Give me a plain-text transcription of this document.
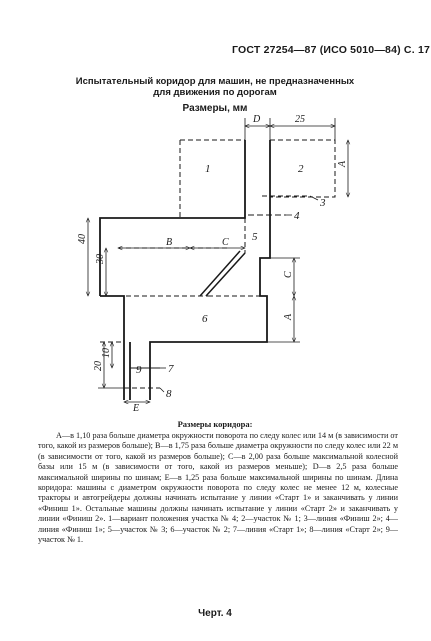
ГОСТ 27254—87 (ИСО 5010—84) С. 17
Испытательный коридор для машин, не предназначенных
для движения по дорогам
Размеры, мм
D	25
A
C
A
C
B
40
30
10
20
E
1	2
5
6
9
3
4
7
8
Размеры коридора:
A—в 1,10 раза больше диаметра окружности поворота по следу колес или 14 м (в зависимости от того, какой из размеров больше); B—в 1,75 раза больше диаметра окружности по следу колес или 22 м (в зависимости от того, какой из размеров больше); C—в 2,00 раза больше максимальной колесной базы или 15 м (в зависимости от того, какой из размеров меньше); D—в 2,5 раза больше максимальной ширины по шинам; E—в 1,25 раза больше максимальной ширины по шинам. Длина коридора: машины с диаметром окружности поворота по следу колес не менее 12 м, колесные тракторы и автогрейдеры должны начинать испытание у линии «Старт 1» и заканчивать у линии «Финиш 1». Остальные машины должны начинать испытание у линии «Старт 2» и заканчивать у линии «Финиш 2». 1—вариант положения участка № 4; 2—участок № 1; 3—линия «Финиш 2»; 4—линия «Финиш 1»; 5—участок № 3; 6—участок № 2; 7—линия «Старт 1»; 8—линия «Старт 2»; 9—участок № 1.
Черт. 4
